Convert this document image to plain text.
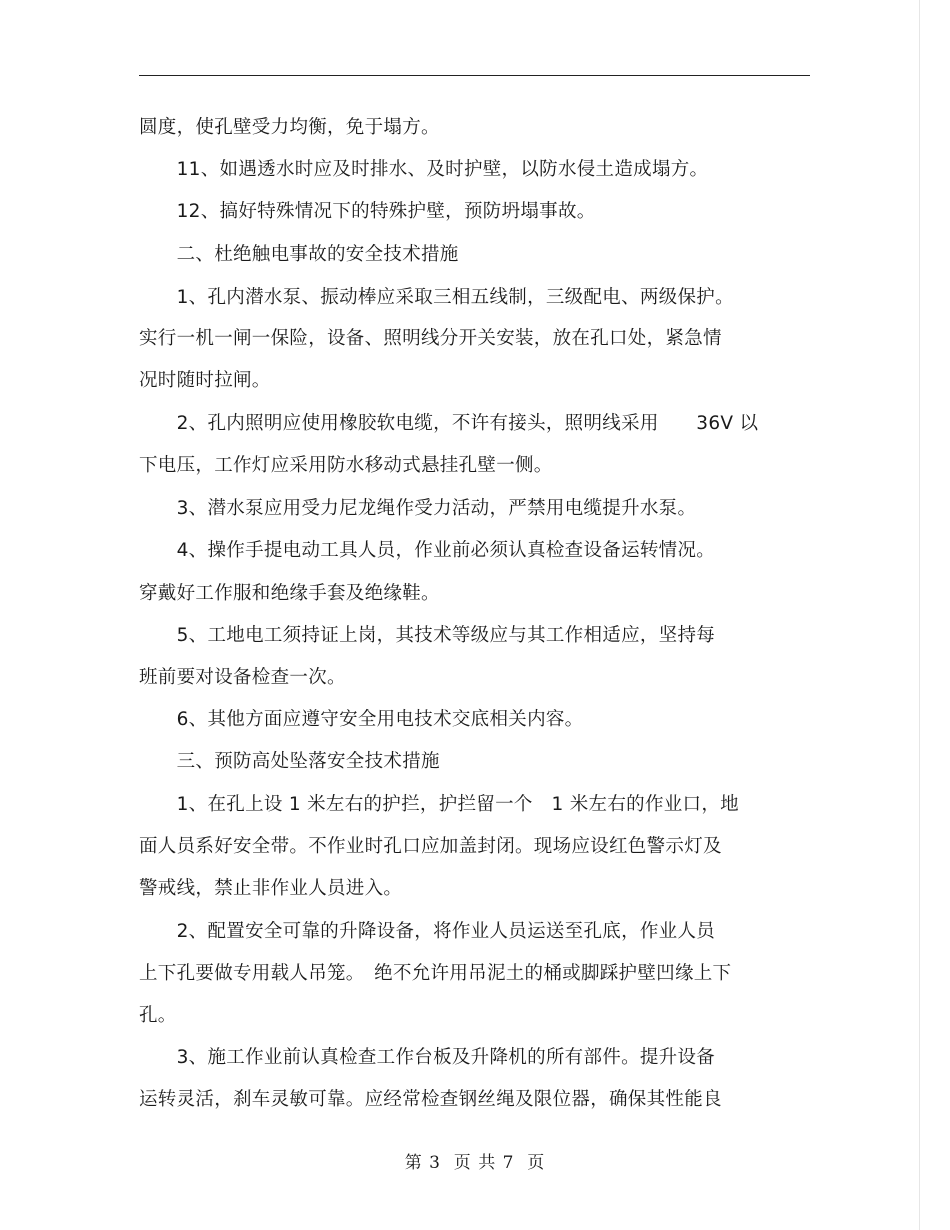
圆度，使孔壁受力均衡，免于塌方。
　　11、如遇透水时应及时排水、及时护壁，以防水侵土造成塌方。
　　12、搞好特殊情况下的特殊护壁，预防坍塌事故。
　　二、杜绝触电事故的安全技术措施
　　1、孔内潜水泵、振动棒应采取三相五线制，三级配电、两级保护。
实行一机一闸一保险，设备、照明线分开关安装，放在孔口处，紧急情
况时随时拉闸。
　　2、孔内照明应使用橡胶软电缆，不许有接头，照明线采用　　36V 以
下电压，工作灯应采用防水移动式悬挂孔壁一侧。
　　3、潜水泵应用受力尼龙绳作受力活动，严禁用电缆提升水泵。
　　4、操作手提电动工具人员，作业前必须认真检查设备运转情况。
穿戴好工作服和绝缘手套及绝缘鞋。
　　5、工地电工须持证上岗，其技术等级应与其工作相适应，坚持每
班前要对设备检查一次。
　　6、其他方面应遵守安全用电技术交底相关内容。
　　三、预防高处坠落安全技术措施
　　1、在孔上设 1 米左右的护拦，护拦留一个　1 米左右的作业口，地
面人员系好安全带。不作业时孔口应加盖封闭。现场应设红色警示灯及
警戒线，禁止非作业人员进入。
　　2、配置安全可靠的升降设备，将作业人员运送至孔底，作业人员
上下孔要做专用载人吊笼。　绝不允许用吊泥土的桶或脚踩护壁凹缘上下
孔。
　　3、施工作业前认真检查工作台板及升降机的所有部件。提升设备
运转灵活，刹车灵敏可靠。应经常检查钢丝绳及限位器，确保其性能良
第 3  页 共 7  页
